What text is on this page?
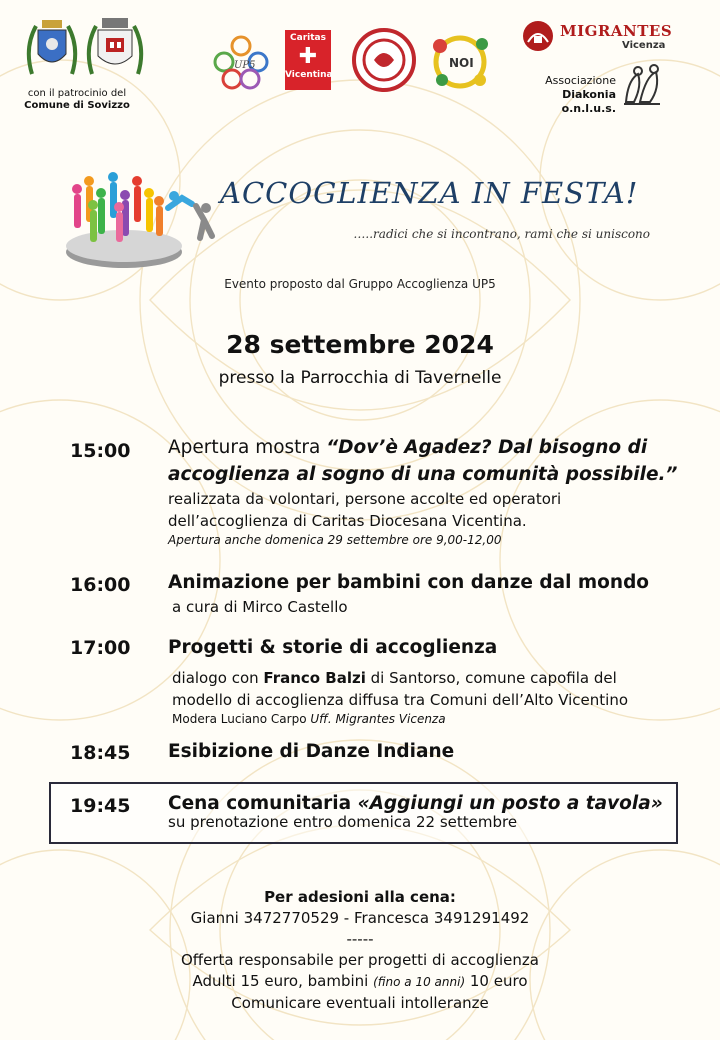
con il patrocinio del
Comune di Sovizzo
UP5
Caritas
✚
Vicentina
NOI
MIGRANTES
Vicenza
Associazione
Diakonia o.n.l.u.s.
ACCOGLIENZA IN FESTA!
…..radici che si incontrano, rami che si uniscono
Evento proposto dal Gruppo Accoglienza UP5
28 settembre 2024
presso la Parrocchia di Tavernelle
15:00	Apertura mostra “Dov’è Agadez? Dal bisogno di
accoglienza al sogno di una comunità possibile.”
realizzata da volontari, persone accolte ed operatori
dell’accoglienza di Caritas Diocesana Vicentina.
Apertura anche domenica 29 settembre ore 9,00-12,00
16:00	Animazione per bambini con danze dal mondo
a cura di Mirco Castello
17:00	Progetti & storie di accoglienza
dialogo con Franco Balzi di Santorso, comune capofila del
modello di accoglienza diffusa tra Comuni dell’Alto Vicentino
Modera Luciano Carpo Uff. Migrantes Vicenza
18:45	Esibizione di Danze Indiane
19:45	Cena comunitaria «Aggiungi un posto a tavola»
su prenotazione entro domenica 22 settembre
Per adesioni alla cena:
Gianni 3472770529 - Francesca 3491291492
-----
Offerta responsabile per progetti di accoglienza
Adulti 15 euro, bambini (fino a 10 anni) 10 euro
Comunicare eventuali intolleranze
